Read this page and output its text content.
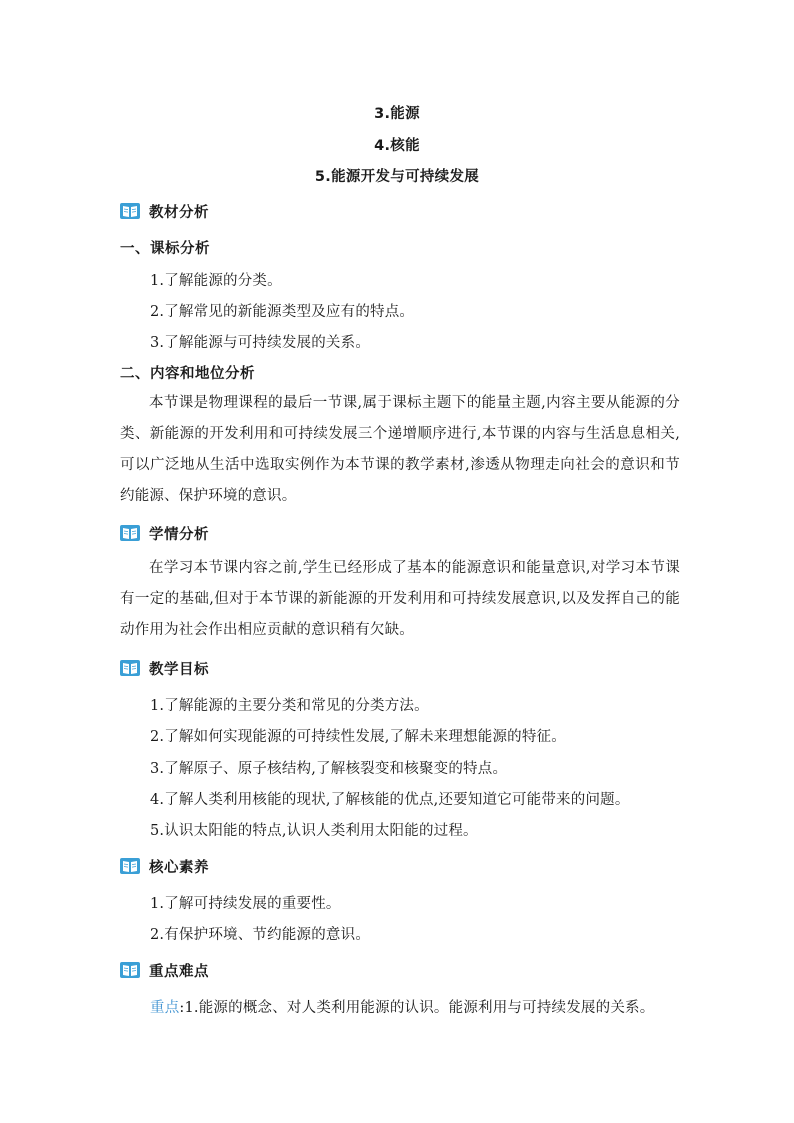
3.能源
4.核能
5.能源开发与可持续发展
教材分析
一、课标分析
1.了解能源的分类。
2.了解常见的新能源类型及应有的特点。
3.了解能源与可持续发展的关系。
二、内容和地位分析
本节课是物理课程的最后一节课,属于课标主题下的能量主题,内容主要从能源的分类、新能源的开发利用和可持续发展三个递增顺序进行,本节课的内容与生活息息相关,可以广泛地从生活中选取实例作为本节课的教学素材,渗透从物理走向社会的意识和节约能源、保护环境的意识。
学情分析
在学习本节课内容之前,学生已经形成了基本的能源意识和能量意识,对学习本节课有一定的基础,但对于本节课的新能源的开发利用和可持续发展意识,以及发挥自己的能动作用为社会作出相应贡献的意识稍有欠缺。
教学目标
1.了解能源的主要分类和常见的分类方法。
2.了解如何实现能源的可持续性发展,了解未来理想能源的特征。
3.了解原子、原子核结构,了解核裂变和核聚变的特点。
4.了解人类利用核能的现状,了解核能的优点,还要知道它可能带来的问题。
5.认识太阳能的特点,认识人类利用太阳能的过程。
核心素养
1.了解可持续发展的重要性。
2.有保护环境、节约能源的意识。
重点难点
重点:1.能源的概念、对人类利用能源的认识。能源利用与可持续发展的关系。
